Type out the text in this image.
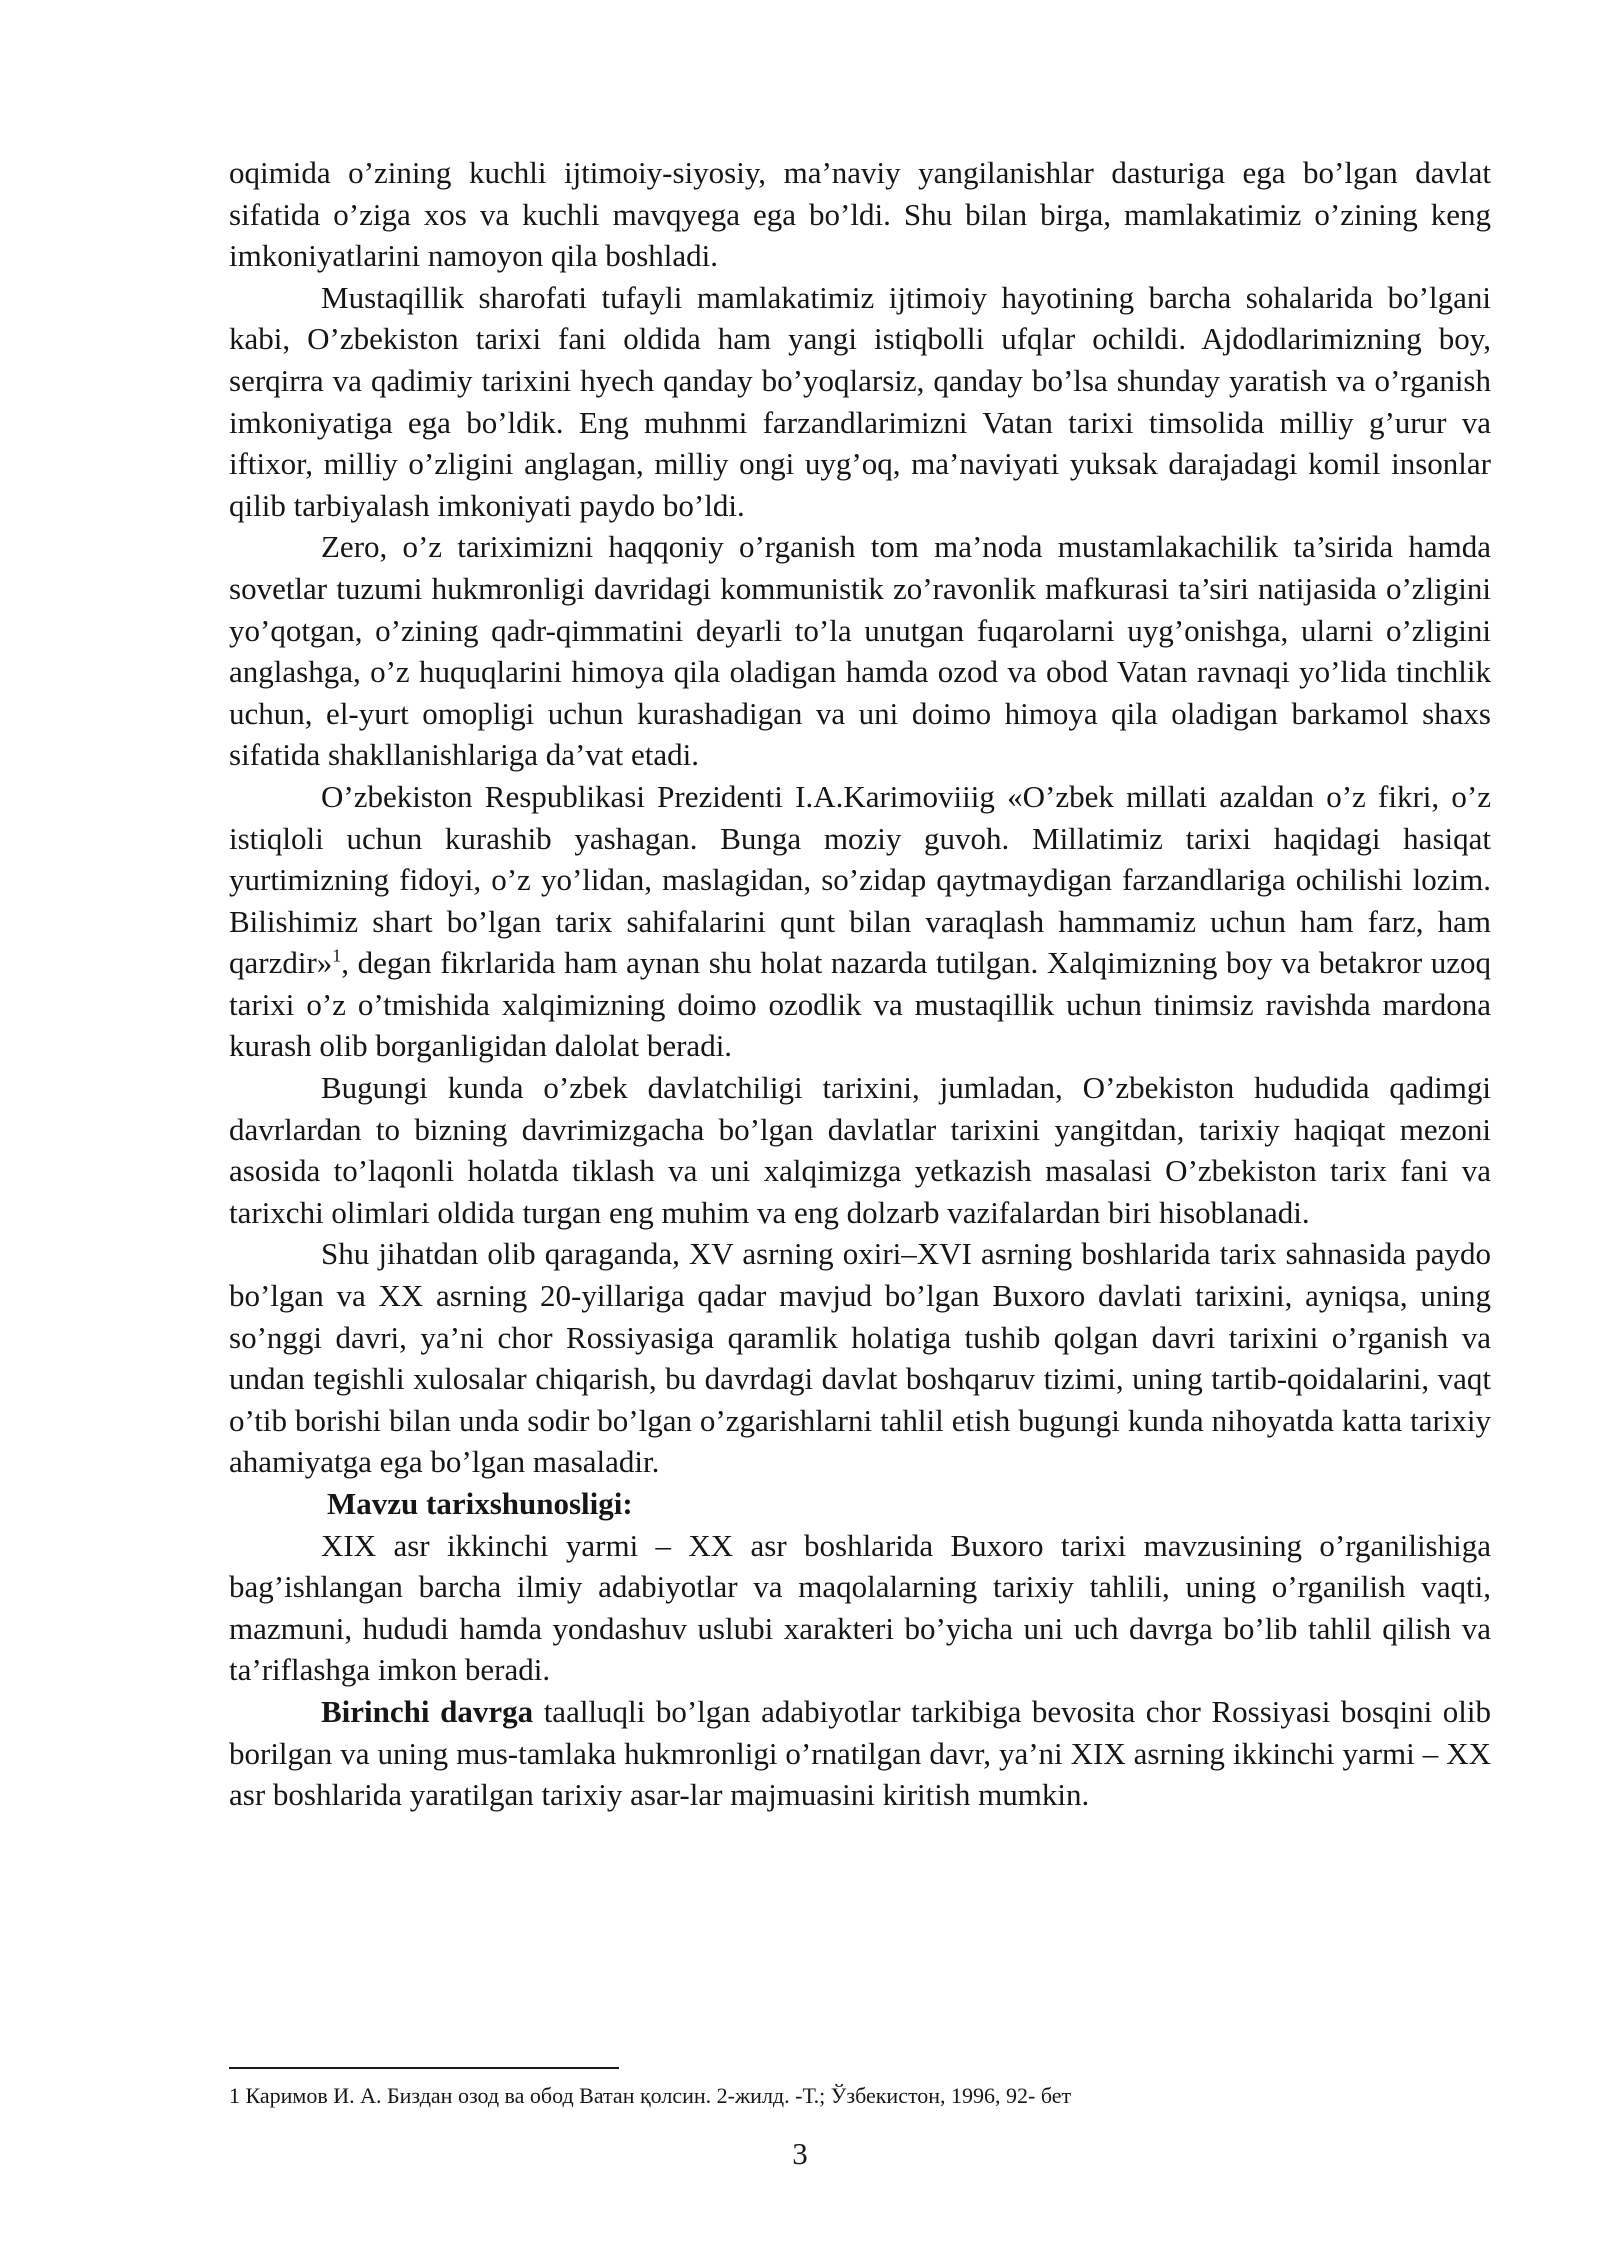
oqimida o’zining kuchli ijtimoiy-siyosiy, ma’naviy yangilanishlar dasturiga ega bo’lgan davlat sifatida o’ziga xos va kuchli mavqyega ega bo’ldi. Shu bilan birga, mamlakatimiz o’zining keng imkoniyatlarini namoyon qila boshladi.

Mustaqillik sharofati tufayli mamlakatimiz ijtimoiy hayotining barcha sohalarida bo’lgani kabi, O’zbekiston tarixi fani oldida ham yangi istiqbolli ufqlar ochildi. Ajdodlarimizning boy, serqirra va qadimiy tarixini hyech qanday bo’yoqlarsiz, qanday bo’lsa shunday yaratish va o’rganish imkoniyatiga ega bo’ldik. Eng muhnmi farzandlarimizni Vatan tarixi timsolida milliy g’urur va iftixor, milliy o’zligini anglagan, milliy ongi uyg’oq, ma’naviyati yuksak darajadagi komil insonlar qilib tarbiyalash imkoniyati paydo bo’ldi.

Zero, o’z tariximizni haqqoniy o’rganish tom ma’noda mustamlakachilik ta’sirida hamda sovetlar tuzumi hukmronligi davridagi kommunistik zo’ravonlik mafkurasi ta’siri natijasida o’zligini yo’qotgan, o’zining qadr-qimmatini deyarli to’la unutgan fuqarolarni uyg’onishga, ularni o’zligini anglashga, o’z huquqlarini himoya qila oladigan hamda ozod va obod Vatan ravnaqi yo’lida tinchlik uchun, el-yurt omopligi uchun kurashadigan va uni doimo himoya qila oladigan barkamol shaxs sifatida shakllanishlariga da’vat etadi.

O’zbekiston Respublikasi Prezidenti I.A.Karimoviiig «O’zbek millati azaldan o’z fikri, o’z istiqloli uchun kurashib yashagan. Bunga moziy guvoh. Millatimiz tarixi haqidagi hasiqat yurtimizning fidoyi, o’z yo’lidan, maslagidan, so’zidap qaytmaydigan farzandlariga ochilishi lozim. Bilishimiz shart bo’lgan tarix sahifalarini qunt bilan varaqlash hammamiz uchun ham farz, ham qarzdir»$^1$, degan fikrlarida ham aynan shu holat nazarda tutilgan. Xalqimizning boy va betakror uzoq tarixi o’z o’tmishida xalqimizning doimo ozodlik va mustaqillik uchun tinimsiz ravishda mardona kurash olib borganligidan dalolat beradi.

Bugungi kunda o’zbek davlatchiligi tarixini, jumladan, O’zbekiston hududida qadimgi davrlardan to bizning davrimizgacha bo’lgan davlatlar tarixini yangitdan, tarixiy haqiqat mezoni asosida to’laqonli holatda tiklash va uni xalqimizga yetkazish masalasi O’zbekiston tarix fani va tarixchi olimlari oldida turgan eng muhim va eng dolzarb vazifalardan biri hisoblanadi.

Shu jihatdan olib qaraganda, XV asrning oxiri–XVI asrning boshlarida tarix sahnasida paydo bo’lgan va XX asrning 20-yillariga qadar mavjud bo’lgan Buxoro davlati tarixini, ayniqsa, uning so’nggi davri, ya’ni chor Rossiyasiga qaramlik holatiga tushib qolgan davri tarixini o’rganish va undan tegishli xulosalar chiqarish, bu davrdagi davlat boshqaruv tizimi, uning tartib-qoidalarini, vaqt o’tib borishi bilan unda sodir bo’lgan o’zgarishlarni tahlil etish bugungi kunda nihoyatda katta tarixiy ahamiyatga ega bo’lgan masaladir.

Mavzu tarixshunosligi:

XIX asr ikkinchi yarmi – XX asr boshlarida Buxoro tarixi mavzusining o’rganilishiga bag’ishlangan barcha ilmiy adabiyotlar va maqolalarning tarixiy tahlili, uning o’rganilish vaqti, mazmuni, hududi hamda yondashuv uslubi xarakteri bo’yicha uni uch davrga bo’lib tahlil qilish va ta’riflashga imkon beradi.

Birinchi davrga taalluqli bo’lgan adabiyotlar tarkibiga bevosita chor Rossiyasi bosqini olib borilgan va uning mus-tamlaka hukmronligi o’rnatilgan davr, ya’ni XIX asrning ikkinchi yarmi – XX asr boshlarida yaratilgan tarixiy asar-lar majmuasini kiritish mumkin.

1 Каримов И. А. Биздан озод ва обод Ватан қолсин. 2-жилд. -Т.; Ўзбекистон, 1996, 92- бет
3
